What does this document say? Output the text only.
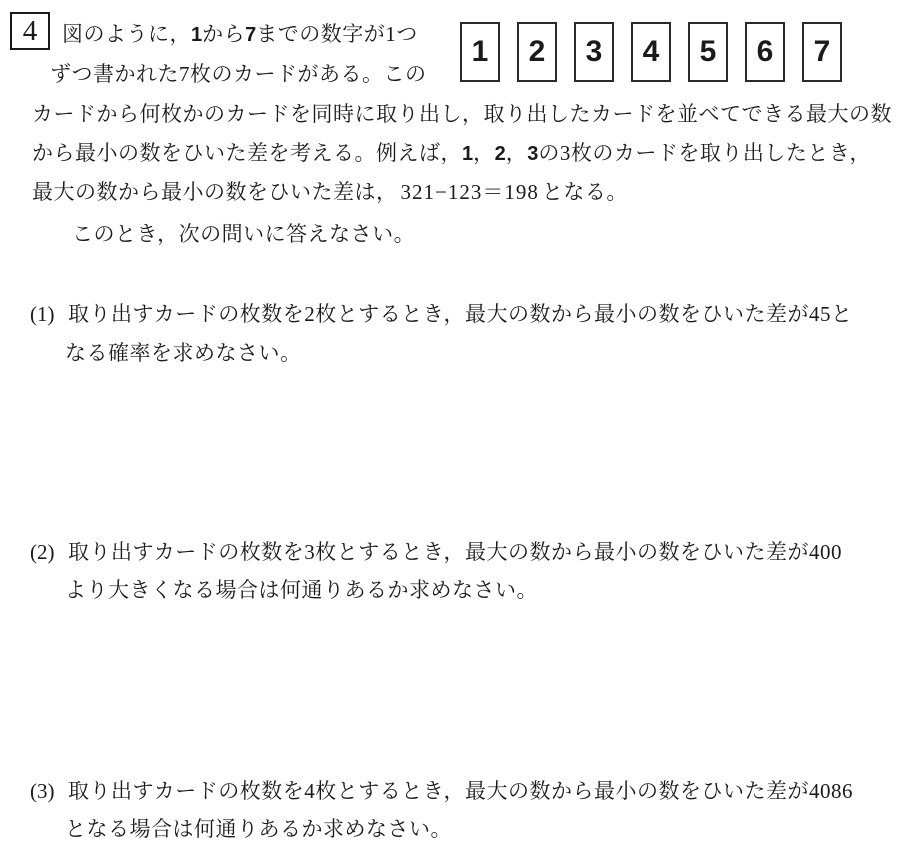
4
1 2 3 4 5 6 7
図のように，1から7までの数字が1つ
ずつ書かれた7枚のカードがある。この
カードから何枚かのカードを同時に取り出し，取り出したカードを並べてできる最大の数
から最小の数をひいた差を考える。例えば，1，2，3の3枚のカードを取り出したとき，
最大の数から最小の数をひいた差は， 321−123＝198 となる。
このとき，次の問いに答えなさい。
(1) 取り出すカードの枚数を2枚とするとき，最大の数から最小の数をひいた差が45と
なる確率を求めなさい。
(2) 取り出すカードの枚数を3枚とするとき，最大の数から最小の数をひいた差が400
より大きくなる場合は何通りあるか求めなさい。
(3) 取り出すカードの枚数を4枚とするとき，最大の数から最小の数をひいた差が4086
となる場合は何通りあるか求めなさい。
